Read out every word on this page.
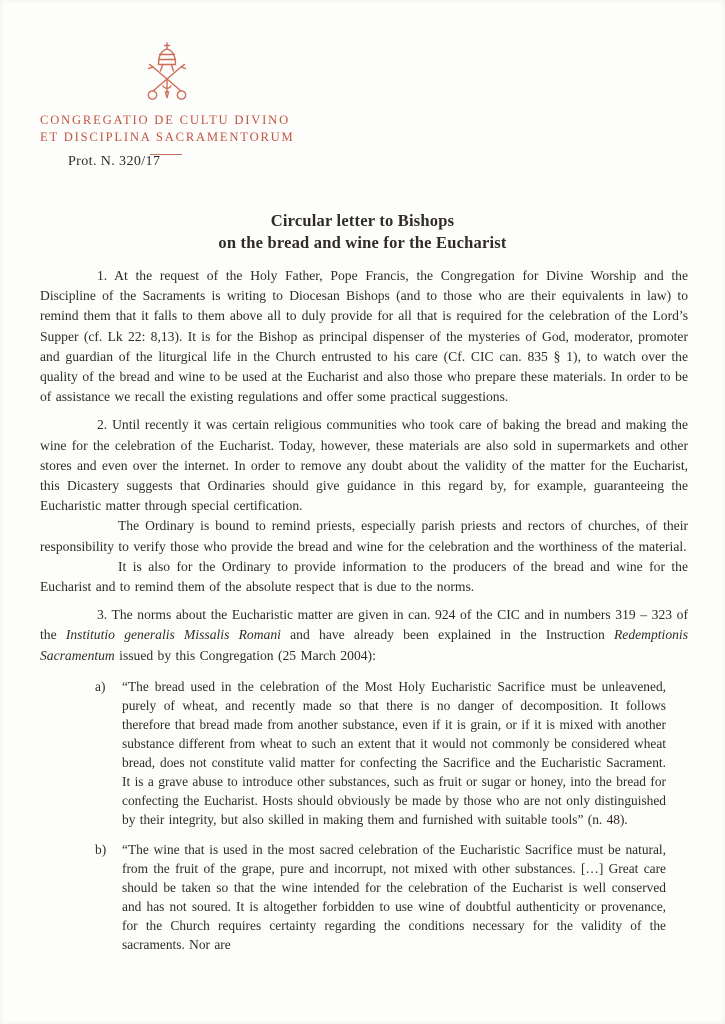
CONGREGATIO DE CULTU DIVINO
ET DISCIPLINA SACRAMENTORUM
Prot. N. 320/17
Circular letter to Bishops
on the bread and wine for the Eucharist

1. At the request of the Holy Father, Pope Francis, the Congregation for Divine Worship and the Discipline of the Sacraments is writing to Diocesan Bishops (and to those who are their equivalents in law) to remind them that it falls to them above all to duly provide for all that is required for the celebration of the Lord’s Supper (cf. Lk 22: 8,13). It is for the Bishop as principal dispenser of the mysteries of God, moderator, promoter and guardian of the liturgical life in the Church entrusted to his care (Cf. CIC can. 835 § 1), to watch over the quality of the bread and wine to be used at the Eucharist and also those who prepare these materials. In order to be of assistance we recall the existing regulations and offer some practical suggestions.

2. Until recently it was certain religious communities who took care of baking the bread and making the wine for the celebration of the Eucharist. Today, however, these materials are also sold in supermarkets and other stores and even over the internet. In order to remove any doubt about the validity of the matter for the Eucharist, this Dicastery suggests that Ordinaries should give guidance in this regard by, for example, guaranteeing the Eucharistic matter through special certification.

The Ordinary is bound to remind priests, especially parish priests and rectors of churches, of their responsibility to verify those who provide the bread and wine for the celebration and the worthiness of the material.

It is also for the Ordinary to provide information to the producers of the bread and wine for the Eucharist and to remind them of the absolute respect that is due to the norms.

3. The norms about the Eucharistic matter are given in can. 924 of the CIC and in numbers 319 – 323 of the Institutio generalis Missalis Romani and have already been explained in the Instruction Redemptionis Sacramentum issued by this Congregation (25 March 2004):

a)	“The bread used in the celebration of the Most Holy Eucharistic Sacrifice must be unleavened, purely of wheat, and recently made so that there is no danger of decomposition. It follows therefore that bread made from another substance, even if it is grain, or if it is mixed with another substance different from wheat to such an extent that it would not commonly be considered wheat bread, does not constitute valid matter for confecting the Sacrifice and the Eucharistic Sacrament. It is a grave abuse to introduce other substances, such as fruit or sugar or honey, into the bread for confecting the Eucharist. Hosts should obviously be made by those who are not only distinguished by their integrity, but also skilled in making them and furnished with suitable tools” (n. 48).
b)	“The wine that is used in the most sacred celebration of the Eucharistic Sacrifice must be natural, from the fruit of the grape, pure and incorrupt, not mixed with other substances. […] Great care should be taken so that the wine intended for the celebration of the Eucharist is well conserved and has not soured. It is altogether forbidden to use wine of doubtful authenticity or provenance, for the Church requires certainty regarding the conditions necessary for the validity of the sacraments. Nor are
